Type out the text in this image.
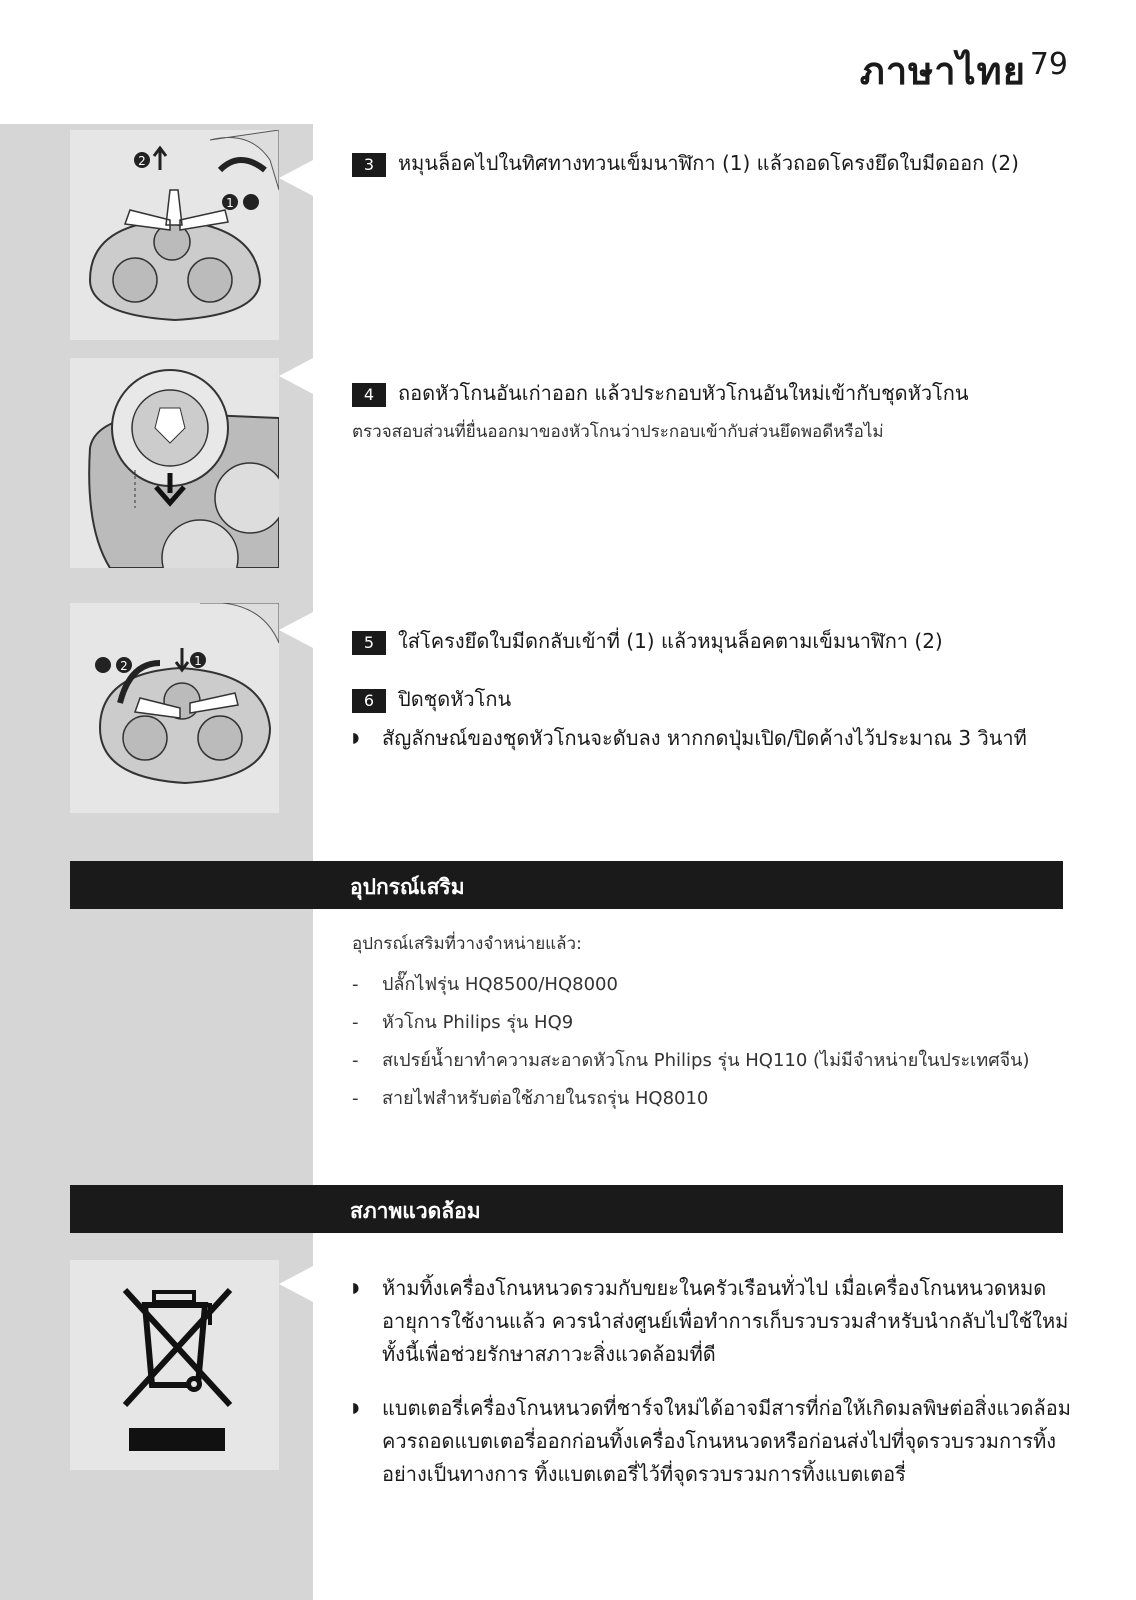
ภาษาไทย 79
2
1
1
2
3 หมุนล็อคไปในทิศทางทวนเข็มนาฬิกา (1) แล้วถอดโครงยึดใบมีดออก (2)
4 ถอดหัวโกนอันเก่าออก แล้วประกอบหัวโกนอันใหม่เข้ากับชุดหัวโกน
ตรวจสอบส่วนที่ยื่นออกมาของหัวโกนว่าประกอบเข้ากับส่วนยึดพอดีหรือไม่
5 ใส่โครงยึดใบมีดกลับเข้าที่ (1) แล้วหมุนล็อคตามเข็มนาฬิกา (2)
6 ปิดชุดหัวโกน
◗ สัญลักษณ์ของชุดหัวโกนจะดับลง หากกดปุ่มเปิด/ปิดค้างไว้ประมาณ 3 วินาที
อุปกรณ์เสริม
อุปกรณ์เสริมที่วางจำหน่ายแล้ว:
- ปลั๊กไฟรุ่น HQ8500/HQ8000
- หัวโกน Philips รุ่น HQ9
- สเปรย์น้ำยาทำความสะอาดหัวโกน Philips รุ่น HQ110 (ไม่มีจำหน่ายในประเทศจีน)
- สายไฟสำหรับต่อใช้ภายในรถรุ่น HQ8010
สภาพแวดล้อม
◗ ห้ามทิ้งเครื่องโกนหนวดรวมกับขยะในครัวเรือนทั่วไป เมื่อเครื่องโกนหนวดหมดอายุการใช้งานแล้ว ควรนำส่งศูนย์เพื่อทำการเก็บรวบรวมสำหรับนำกลับไปใช้ใหม่ ทั้งนี้เพื่อช่วยรักษาสภาวะสิ่งแวดล้อมที่ดี
◗ แบตเตอรี่เครื่องโกนหนวดที่ชาร์จใหม่ได้อาจมีสารที่ก่อให้เกิดมลพิษต่อสิ่งแวดล้อม ควรถอดแบตเตอรี่ออกก่อนทิ้งเครื่องโกนหนวดหรือก่อนส่งไปที่จุดรวบรวมการทิ้งอย่างเป็นทางการ ทิ้งแบตเตอรี่ไว้ที่จุดรวบรวมการทิ้งแบตเตอรี่
